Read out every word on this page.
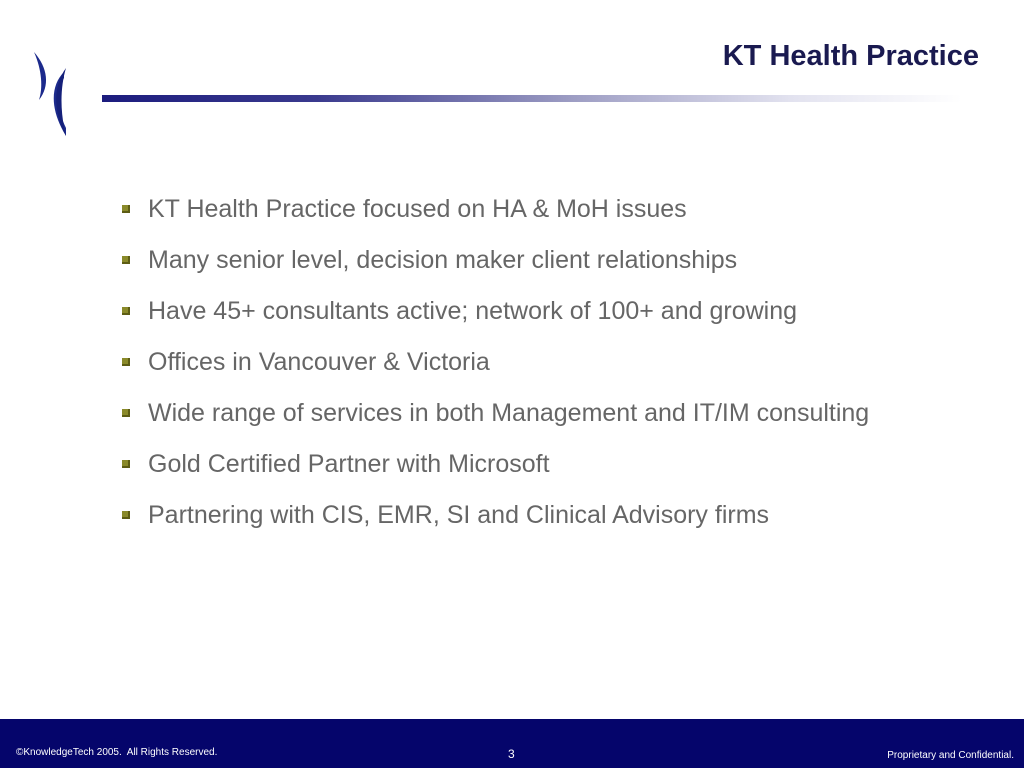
KT Health Practice
KT Health Practice focused on HA & MoH issues
Many senior level, decision maker client relationships
Have 45+ consultants active; network of 100+ and growing
Offices in Vancouver & Victoria
Wide range of services in both Management and IT/IM consulting
Gold Certified Partner with Microsoft
Partnering with CIS, EMR, SI and Clinical Advisory firms
©KnowledgeTech 2005.  All Rights Reserved.	3	Proprietary and Confidential.
